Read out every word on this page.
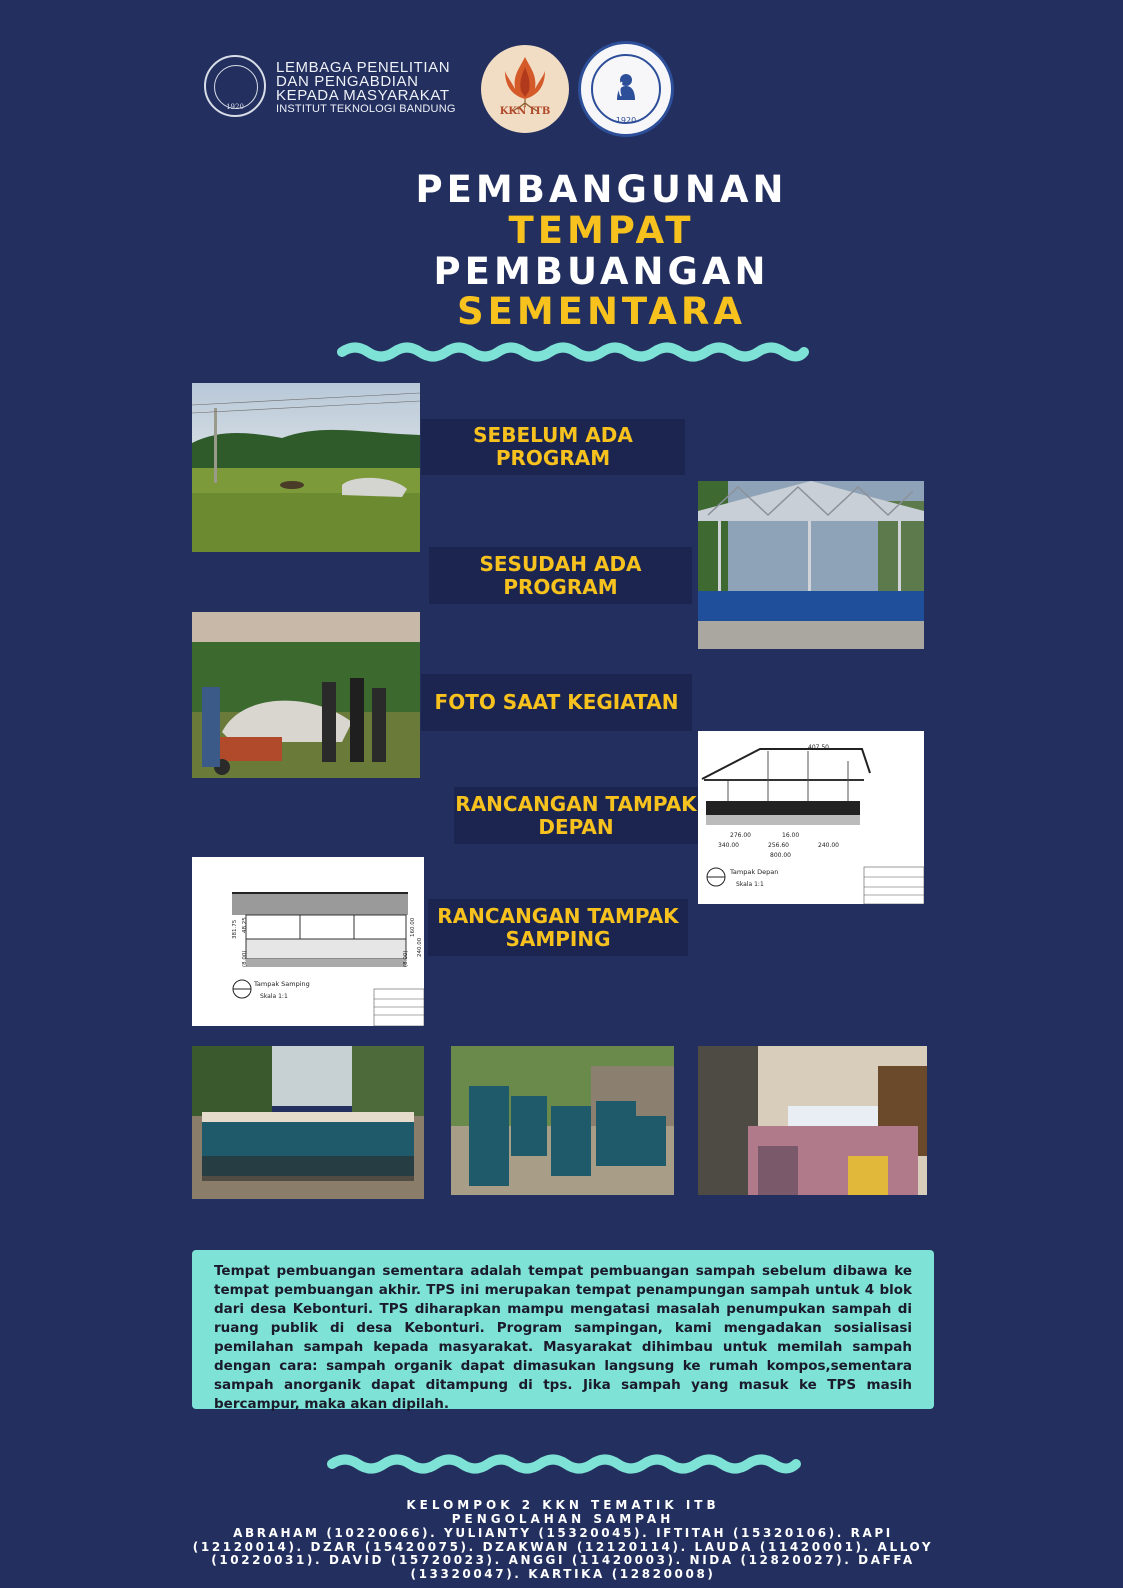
1920
LEMBAGA PENELITIAN
DAN PENGABDIAN
KEPADA MASYARAKAT
INSTITUT TEKNOLOGI BANDUNG	KKN ITB
1920
PEMBANGUNAN
TEMPAT
PEMBUANGAN
SEMENTARA
407.50
276.00	16.00
340.00	256.60	240.00
800.00
Tampak Depan
Skala 1:1
381.75 48.25
(8.00)
160.00
240.00
(8.00)
Tampak Samping
Skala 1:1
SEBELUM ADA PROGRAM
SESUDAH ADA PROGRAM
FOTO SAAT KEGIATAN
RANCANGAN TAMPAK DEPAN
RANCANGAN TAMPAK SAMPING

Tempat pembuangan sementara adalah tempat pembuangan sampah sebelum dibawa ke tempat pembuangan akhir. TPS ini merupakan tempat penampungan sampah untuk 4 blok dari desa Kebonturi. TPS diharapkan mampu mengatasi masalah penumpukan sampah di ruang publik di desa Kebonturi. Program sampingan, kami mengadakan sosialisasi pemilahan sampah kepada masyarakat. Masyarakat dihimbau untuk memilah sampah dengan cara: sampah organik dapat dimasukan langsung ke rumah kompos,sementara sampah anorganik dapat ditampung di tps. Jika sampah yang masuk ke TPS masih bercampur, maka akan dipilah.

KELOMPOK 2 KKN TEMATIK ITB
PENGOLAHAN SAMPAH
ABRAHAM (10220066). YULIANTY (15320045). IFTITAH (15320106). RAPI (12120014). DZAR (15420075). DZAKWAN (12120114). LAUDA (11420001). ALLOY (10220031). DAVID (15720023). ANGGI (11420003). NIDA (12820027). DAFFA (13320047). KARTIKA (12820008)
